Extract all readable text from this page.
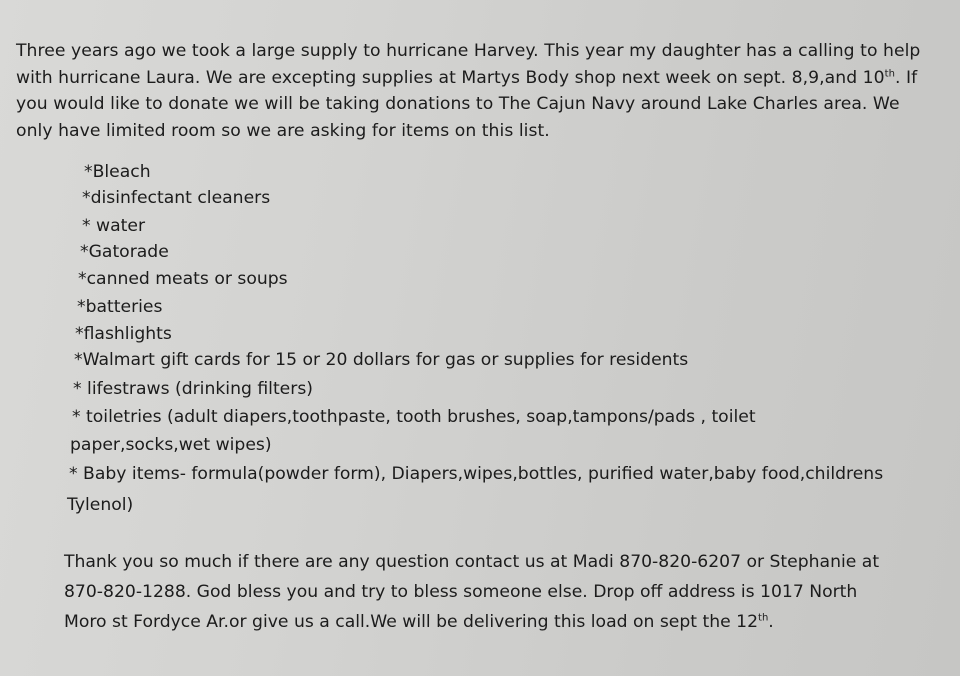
Three years ago we took a large supply to hurricane Harvey. This year my daughter has a calling to help
with hurricane Laura. We are excepting supplies at Martys Body shop next week on sept. 8,9,and 10th. If
you would like to donate we will be taking donations to The Cajun Navy around Lake Charles area. We
only have limited room so we are asking for items on this list.
*Bleach
*disinfectant cleaners
* water
*Gatorade
*canned meats or soups
*batteries
*flashlights
*Walmart gift cards for 15 or 20 dollars for gas or supplies for residents
* lifestraws (drinking filters)
* toiletries (adult diapers,toothpaste, tooth brushes, soap,tampons/pads , toilet
paper,socks,wet wipes)
* Baby items- formula(powder form), Diapers,wipes,bottles, purified water,baby food,childrens
Tylenol)
Thank you so much if there are any question contact us at Madi 870-820-6207 or Stephanie at
870-820-1288. God bless you and try to bless someone else. Drop off address is 1017 North
Moro st Fordyce Ar.or give us a call.We will be delivering this load on sept the 12th.
